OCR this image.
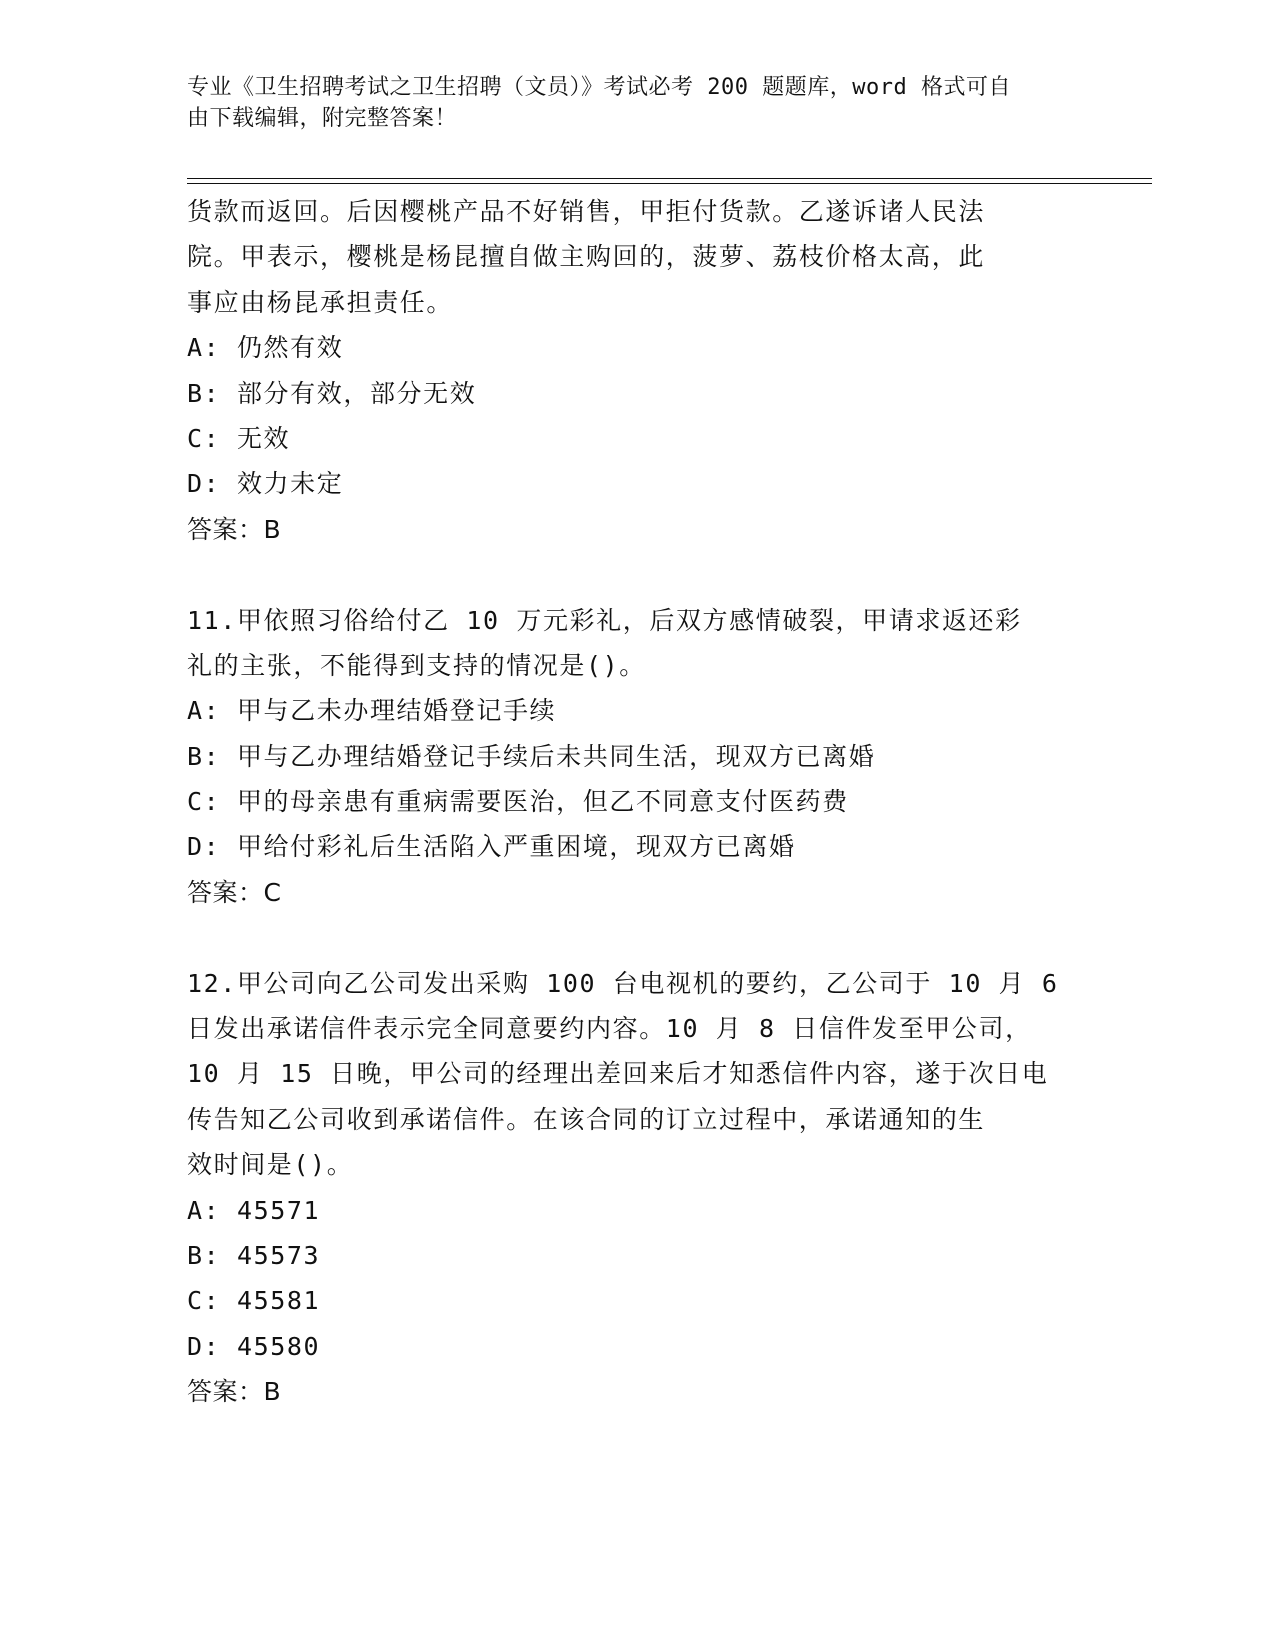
专业《卫生招聘考试之卫生招聘（文员）》考试必考 200 题题库，word 格式可自
由下载编辑，附完整答案！
货款而返回。后因樱桃产品不好销售，甲拒付货款。乙遂诉诸人民法
院。甲表示，樱桃是杨昆擅自做主购回的，菠萝、荔枝价格太高，此
事应由杨昆承担责任。
A: 仍然有效
B: 部分有效，部分无效
C: 无效
D: 效力未定
答案：B
11.甲依照习俗给付乙 10 万元彩礼，后双方感情破裂，甲请求返还彩
礼的主张，不能得到支持的情况是()。
A: 甲与乙未办理结婚登记手续
B: 甲与乙办理结婚登记手续后未共同生活，现双方已离婚
C: 甲的母亲患有重病需要医治，但乙不同意支付医药费
D: 甲给付彩礼后生活陷入严重困境，现双方已离婚
答案：C
12.甲公司向乙公司发出采购 100 台电视机的要约，乙公司于 10 月 6
日发出承诺信件表示完全同意要约内容。10 月 8 日信件发至甲公司，
10 月 15 日晚，甲公司的经理出差回来后才知悉信件内容，遂于次日电
传告知乙公司收到承诺信件。在该合同的订立过程中，承诺通知的生
效时间是()。
A: 45571
B: 45573
C: 45581
D: 45580
答案：B
